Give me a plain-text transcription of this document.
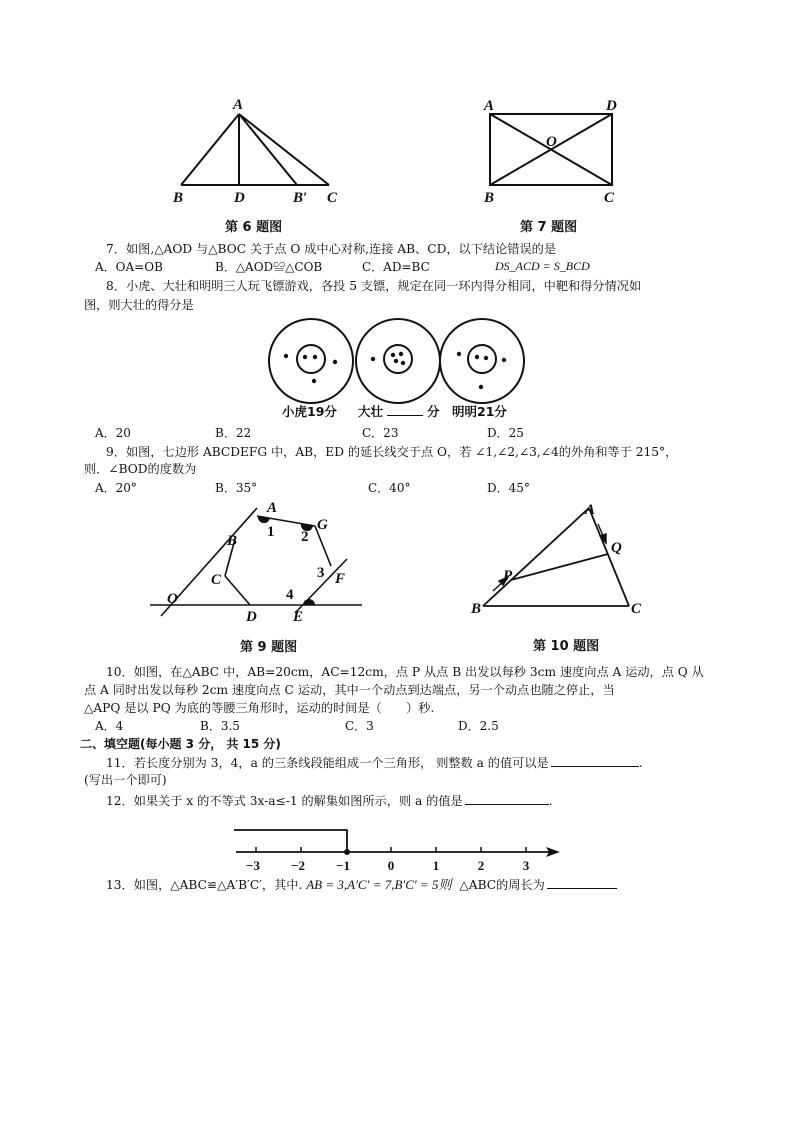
A
B	D	B′ C
第 6 题图
A	D
O
B	C
第 7 题图
7．如图,△AOD 与△BOC 关于点 O 成中心对称,连接 AB、CD，以下结论错误的是
A．OA=OB	B．△AOD≌△COB	C．AD=BC	DS_ACD = S_BCD
8．小虎、大壮和明明三人玩飞镖游戏，各投 5 支镖，规定在同一环内得分相同，中靶和得分情况如
图，则大壮的得分是
小虎19分 大壮	分 明明21分
A．20	B．22	C．23	D．25
9．如图，七边形 ABCDEFG 中，AB，ED 的延长线交于点 O，若 ∠1,∠2,∠3,∠4的外角和等于 215°，
则．∠BOD的度数为
A．20°	B．35°	C．40°	D．45°
A
G
1 2
B
C	3 F
4
O
D E
第 9 题图
A
Q
P
B	C
第 10 题图
10．如图，在△ABC 中，AB=20cm，AC=12cm，点 P 从点 B 出发以每秒 3cm 速度向点 A 运动，点 Q 从
点 A 同时出发以每秒 2cm 速度向点 C 运动，其中一个动点到达端点，另一个动点也随之停止，当
△APQ 是以 PQ 为底的等腰三角形时，运动的时间是（　　）秒.
A．4	B．3.5	C．3	D．2.5
二、填空题(每小题 3 分， 共 15 分)
11．若长度分别为 3，4，a 的三条线段能组成一个三角形， 则整数 a 的值可以是	.
(写出一个即可)
12．如果关于 x 的不等式 3x-a≤-1 的解集如图所示，则 a 的值是	.
−3 −2 −1	0	1	2	3
13．如图，△ABC≌△A′B′C′，其中. AB = 3,A′C′ = 7,B′C′ = 5则 △ABC的周长为
